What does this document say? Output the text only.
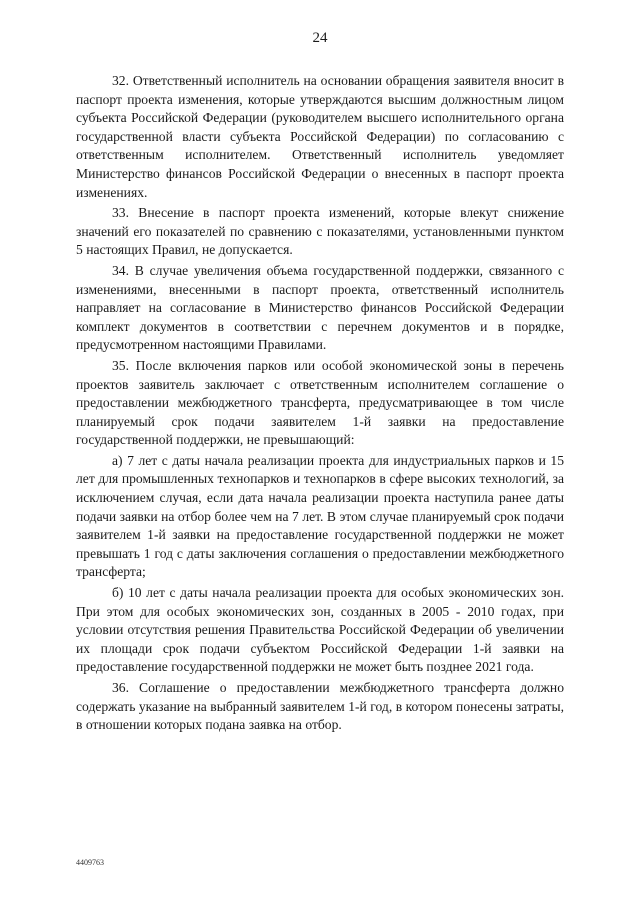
24

32. Ответственный исполнитель на основании обращения заявителя вносит в паспорт проекта изменения, которые утверждаются высшим должностным лицом субъекта Российской Федерации (руководителем высшего исполнительного органа государственной власти субъекта Российской Федерации) по согласованию с ответственным исполнителем. Ответственный исполнитель уведомляет Министерство финансов Российской Федерации о внесенных в паспорт проекта изменениях.

33. Внесение в паспорт проекта изменений, которые влекут снижение значений его показателей по сравнению с показателями, установленными пунктом 5 настоящих Правил, не допускается.

34. В случае увеличения объема государственной поддержки, связанного с изменениями, внесенными в паспорт проекта, ответственный исполнитель направляет на согласование в Министерство финансов Российской Федерации комплект документов в соответствии с перечнем документов и в порядке, предусмотренном настоящими Правилами.

35. После включения парков или особой экономической зоны в перечень проектов заявитель заключает с ответственным исполнителем соглашение о предоставлении межбюджетного трансферта, предусматривающее в том числе планируемый срок подачи заявителем 1-й заявки на предоставление государственной поддержки, не превышающий:

а) 7 лет с даты начала реализации проекта для индустриальных парков и 15 лет для промышленных технопарков и технопарков в сфере высоких технологий, за исключением случая, если дата начала реализации проекта наступила ранее даты подачи заявки на отбор более чем на 7 лет. В этом случае планируемый срок подачи заявителем 1-й заявки на предоставление государственной поддержки не может превышать 1 год с даты заключения соглашения о предоставлении межбюджетного трансферта;

б) 10 лет с даты начала реализации проекта для особых экономических зон. При этом для особых экономических зон, созданных в 2005 - 2010 годах, при условии отсутствия решения Правительства Российской Федерации об увеличении их площади срок подачи субъектом Российской Федерации 1-й заявки на предоставление государственной поддержки не может быть позднее 2021 года.

36. Соглашение о предоставлении межбюджетного трансферта должно содержать указание на выбранный заявителем 1-й год, в котором понесены затраты, в отношении которых подана заявка на отбор.

4409763
